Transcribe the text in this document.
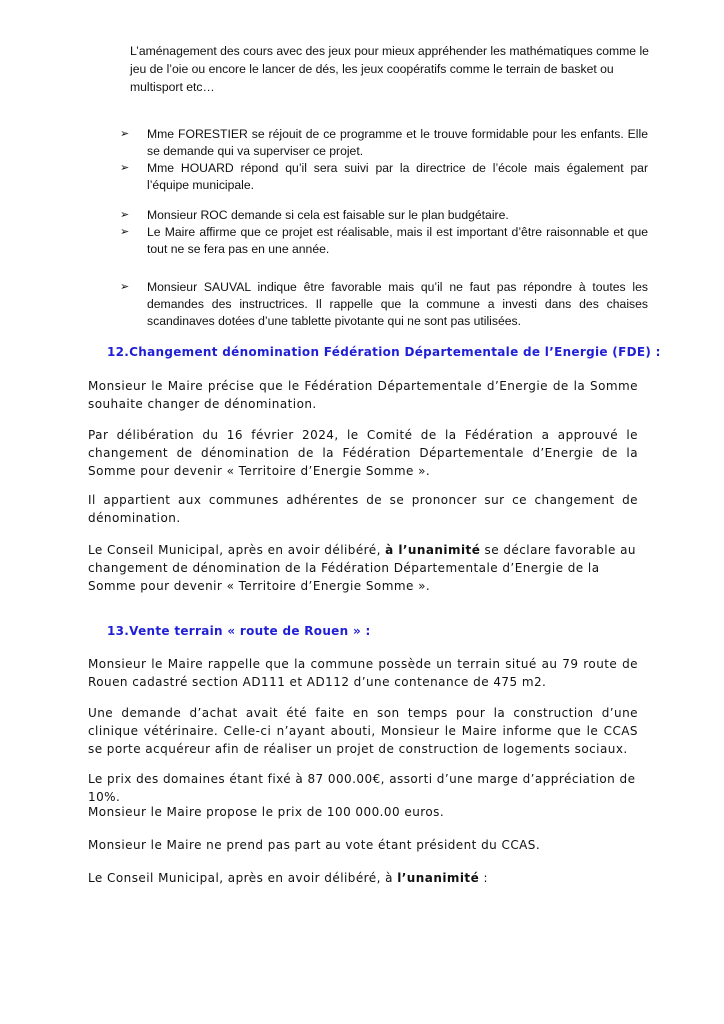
L’aménagement des cours avec des jeux pour mieux appréhender les mathématiques comme le jeu de l’oie ou encore le lancer de dés, les jeux coopératifs comme le terrain de basket ou multisport etc…

➢ Mme FORESTIER se réjouit de ce programme et le trouve formidable pour les enfants. Elle se demande qui va superviser ce projet.
➢ Mme HOUARD répond qu’il sera suivi par la directrice de l’école mais également par l’équipe municipale.
➢ Monsieur ROC demande si cela est faisable sur le plan budgétaire.
➢ Le Maire affirme que ce projet est réalisable, mais il est important d’être raisonnable et que tout ne se fera pas en une année.
➢ Monsieur SAUVAL indique être favorable mais qu’il ne faut pas répondre à toutes les demandes des instructrices. Il rappelle que la commune a investi dans des chaises scandinaves dotées d’une tablette pivotante qui ne sont pas utilisées.
12.Changement dénomination Fédération Départementale de l’Energie (FDE) :

Monsieur le Maire précise que le Fédération Départementale d’Energie de la Somme souhaite changer de dénomination.

Par délibération du 16 février 2024, le Comité de la Fédération a approuvé le changement de dénomination de la Fédération Départementale d’Energie de la Somme pour devenir « Territoire d’Energie Somme ».

Il appartient aux communes adhérentes de se prononcer sur ce changement de dénomination.

Le Conseil Municipal, après en avoir délibéré, à l’unanimité se déclare favorable au changement de dénomination de la Fédération Départementale d’Energie de la Somme pour devenir « Territoire d’Energie Somme ».

13.Vente terrain « route de Rouen » :

Monsieur le Maire rappelle que la commune possède un terrain situé au 79 route de Rouen cadastré section AD111 et AD112 d’une contenance de 475 m2.

Une demande d’achat avait été faite en son temps pour la construction d’une clinique vétérinaire. Celle-ci n’ayant abouti, Monsieur le Maire informe que le CCAS se porte acquéreur afin de réaliser un projet de construction de logements sociaux.

Le prix des domaines étant fixé à 87 000.00€, assorti d’une marge d’appréciation de 10%.

Monsieur le Maire propose le prix de 100 000.00 euros.

Monsieur le Maire ne prend pas part au vote étant président du CCAS.

Le Conseil Municipal, après en avoir délibéré, à l’unanimité :
